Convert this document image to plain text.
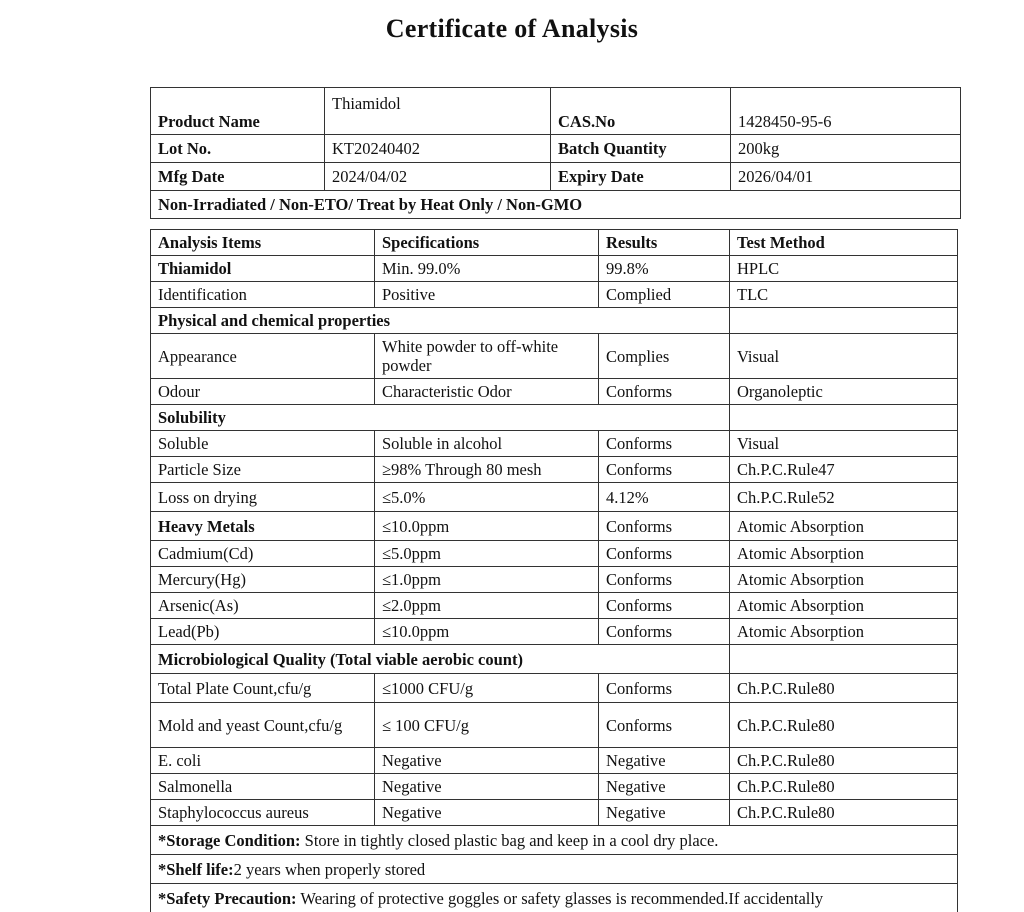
Certificate of Analysis
Product Name	Thiamidol	CAS.No	1428450-95-6
Lot No.	KT20240402	Batch Quantity	200kg
Mfg Date	2024/04/02	Expiry Date	2026/04/01
Non-Irradiated / Non-ETO/ Treat by Heat Only / Non-GMO			
Analysis Items	Specifications	Results	Test Method
Thiamidol	Min. 99.0%	99.8%	HPLC
Identification	Positive	Complied	TLC
Physical and chemical properties			
Appearance	White powder to off-white powder	Complies	Visual
Odour	Characteristic Odor	Conforms	Organoleptic
Solubility			
Soluble	Soluble in alcohol	Conforms	Visual
Particle Size	≥98% Through 80 mesh	Conforms	Ch.P.C.Rule47
Loss on drying	≤5.0%	4.12%	Ch.P.C.Rule52
Heavy Metals	≤10.0ppm	Conforms	Atomic Absorption
Cadmium(Cd)	≤5.0ppm	Conforms	Atomic Absorption
Mercury(Hg)	≤1.0ppm	Conforms	Atomic Absorption
Arsenic(As)	≤2.0ppm	Conforms	Atomic Absorption
Lead(Pb)	≤10.0ppm	Conforms	Atomic Absorption
Microbiological Quality (Total viable aerobic count)			
Total Plate Count,cfu/g	≤1000 CFU/g	Conforms	Ch.P.C.Rule80
Mold and yeast Count,cfu/g	≤ 100 CFU/g	Conforms	Ch.P.C.Rule80
E. coli	Negative	Negative	Ch.P.C.Rule80
Salmonella	Negative	Negative	Ch.P.C.Rule80
Staphylococcus aureus	Negative	Negative	Ch.P.C.Rule80
*Storage Condition: Store in tightly closed plastic bag and keep in a cool dry place.			
*Shelf life:2 years when properly stored			
*Safety Precaution: Wearing of protective goggles or safety glasses is recommended.If accidentally			
